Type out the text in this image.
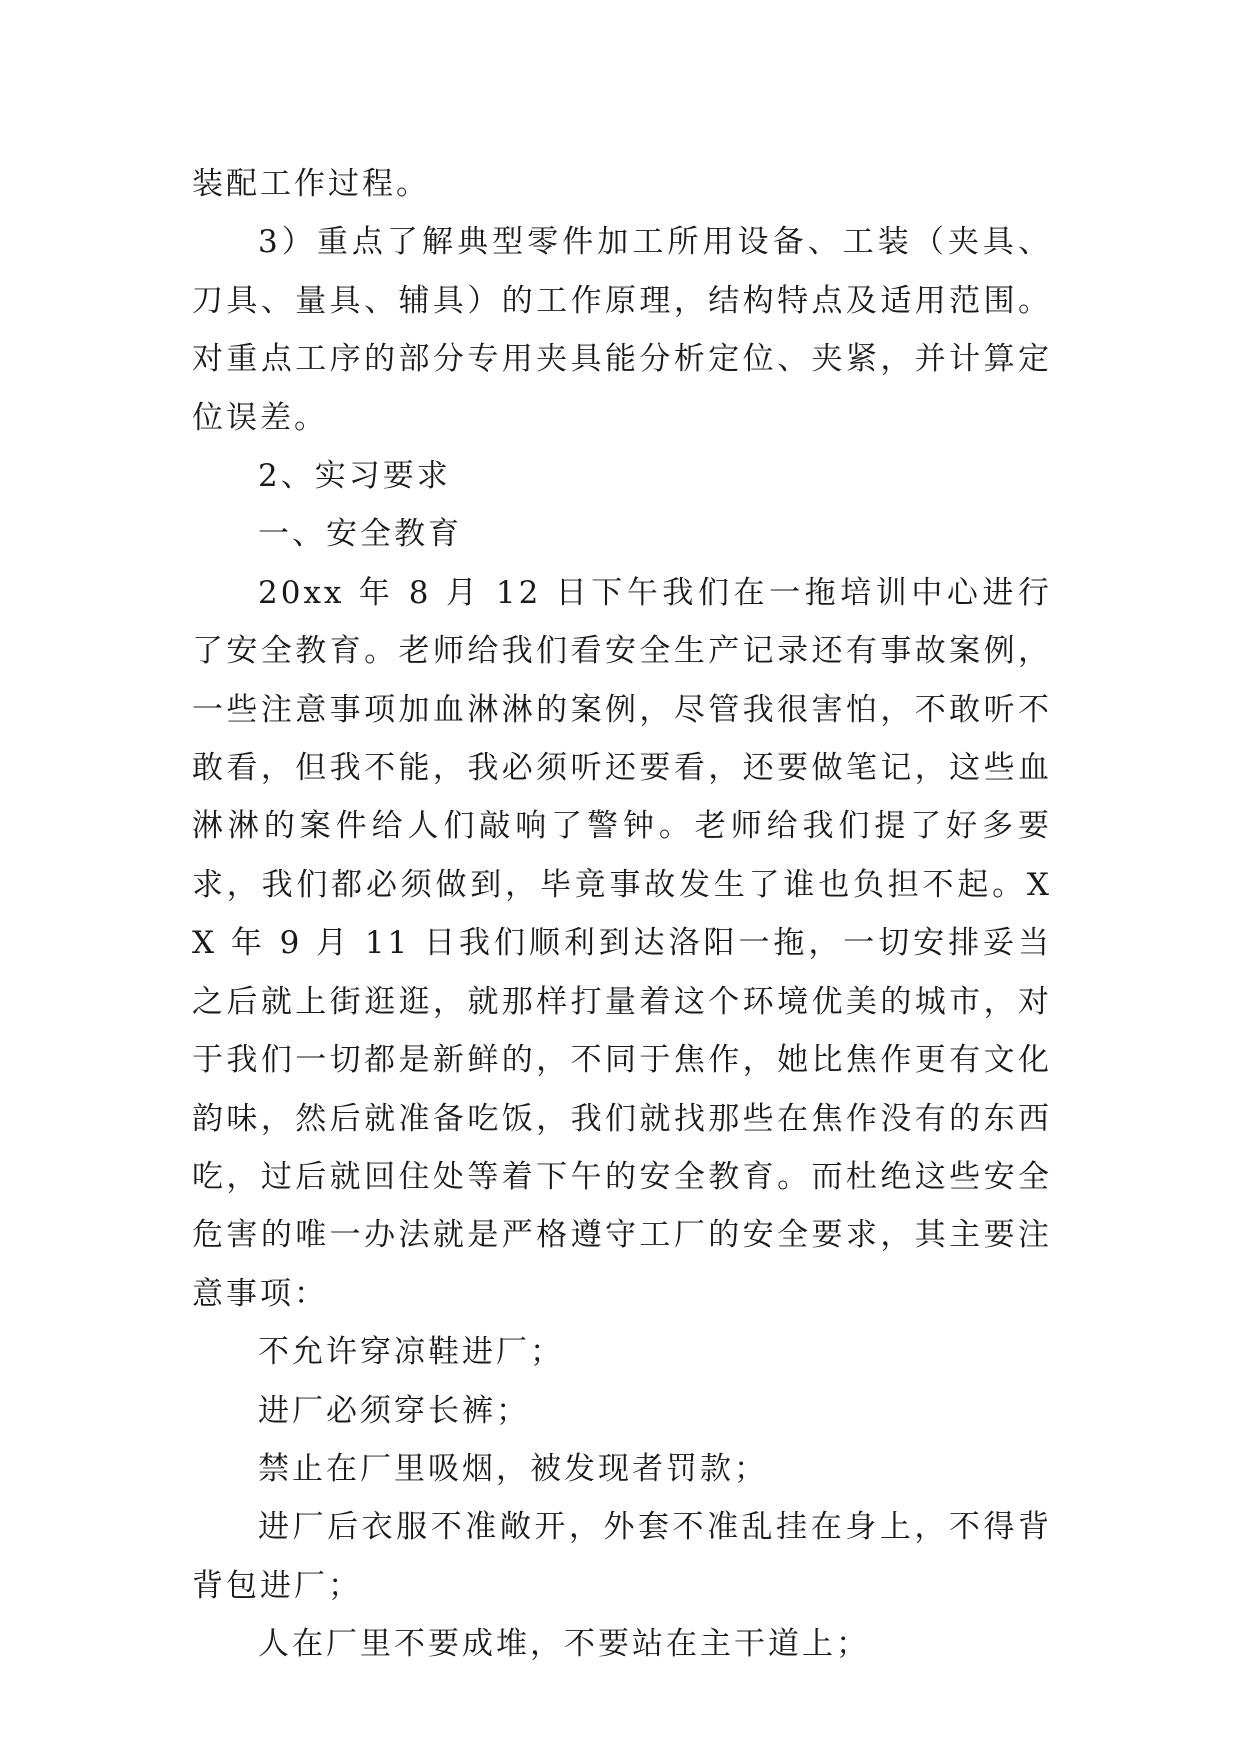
装配工作过程。

3）重点了解典型零件加工所用设备、工装（夹具、刀具、量具、辅具）的工作原理，结构特点及适用范围。对重点工序的部分专用夹具能分析定位、夹紧，并计算定位误差。

2、实习要求

一、安全教育

20xx 年 8 月 12 日下午我们在一拖培训中心进行了安全教育。老师给我们看安全生产记录还有事故案例，一些注意事项加血淋淋的案例，尽管我很害怕，不敢听不敢看，但我不能，我必须听还要看，还要做笔记，这些血淋淋的案件给人们敲响了警钟。老师给我们提了好多要求，我们都必须做到，毕竟事故发生了谁也负担不起。XX 年 9 月 11 日我们顺利到达洛阳一拖，一切安排妥当之后就上街逛逛，就那样打量着这个环境优美的城市，对于我们一切都是新鲜的，不同于焦作，她比焦作更有文化韵味，然后就准备吃饭，我们就找那些在焦作没有的东西吃，过后就回住处等着下午的安全教育。而杜绝这些安全危害的唯一办法就是严格遵守工厂的安全要求，其主要注意事项：

不允许穿凉鞋进厂；

进厂必须穿长裤；

禁止在厂里吸烟，被发现者罚款；

进厂后衣服不准敞开，外套不准乱挂在身上，不得背背包进厂；

人在厂里不要成堆，不要站在主干道上；
